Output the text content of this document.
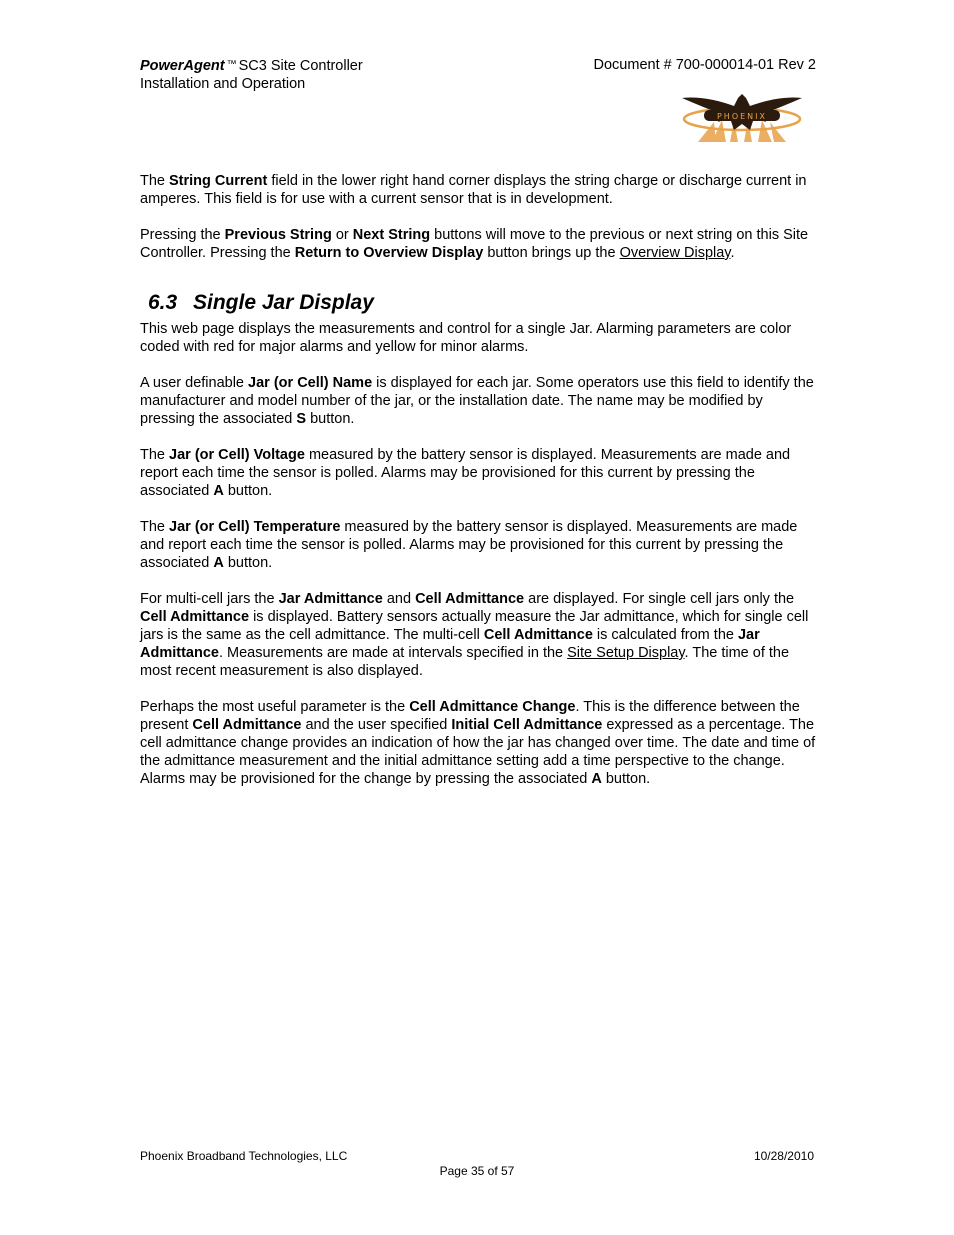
PowerAgent ™ SC3 Site Controller
Installation and Operation
Document # 700-000014-01 Rev 2
PHOENIX

The String Current field in the lower right hand corner displays the string charge or discharge current in amperes. This field is for use with a current sensor that is in development.

Pressing the Previous String or Next String buttons will move to the previous or next string on this Site Controller. Pressing the Return to Overview Display button brings up the Overview Display.

6.3 Single Jar Display

This web page displays the measurements and control for a single Jar. Alarming parameters are color coded with red for major alarms and yellow for minor alarms.

A user definable Jar (or Cell) Name is displayed for each jar. Some operators use this field to identify the manufacturer and model number of the jar, or the installation date. The name may be modified by pressing the associated S button.

The Jar (or Cell) Voltage measured by the battery sensor is displayed. Measurements are made and report each time the sensor is polled. Alarms may be provisioned for this current by pressing the associated A button.

The Jar (or Cell) Temperature measured by the battery sensor is displayed. Measurements are made and report each time the sensor is polled. Alarms may be provisioned for this current by pressing the associated A button.

For multi-cell jars the Jar Admittance and Cell Admittance are displayed. For single cell jars only the Cell Admittance is displayed. Battery sensors actually measure the Jar admittance, which for single cell jars is the same as the cell admittance. The multi-cell Cell Admittance is calculated from the Jar Admittance. Measurements are made at intervals specified in the Site Setup Display. The time of the most recent measurement is also displayed.

Perhaps the most useful parameter is the Cell Admittance Change. This is the difference between the present Cell Admittance and the user specified Initial Cell Admittance expressed as a percentage. The cell admittance change provides an indication of how the jar has changed over time. The date and time of the admittance measurement and the initial admittance setting add a time perspective to the change. Alarms may be provisioned for the change by pressing the associated A button.

Phoenix Broadband Technologies, LLC	10/28/2010
Page 35 of 57
